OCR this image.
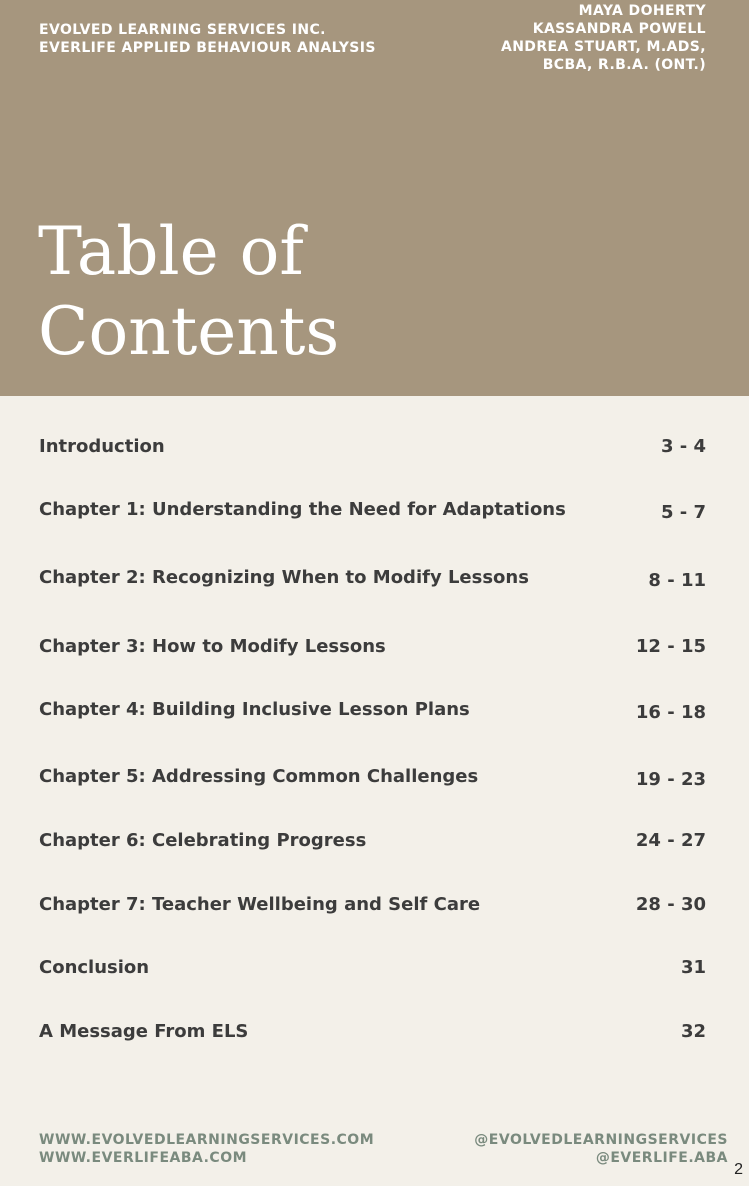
EVOLVED LEARNING SERVICES INC.
EVERLIFE APPLIED BEHAVIOUR ANALYSIS
MAYA DOHERTY
KASSANDRA POWELL
ANDREA STUART, M.ADS,
BCBA, R.B.A. (ONT.)
Table of
Contents
Introduction	3 - 4
Chapter 1: Understanding the Need for Adaptations	5 - 7
Chapter 2: Recognizing When to Modify Lessons	8 - 11
Chapter 3: How to Modify Lessons	12 - 15
Chapter 4: Building Inclusive Lesson Plans	16 - 18
Chapter 5: Addressing Common Challenges	19 - 23
Chapter 6: Celebrating Progress	24 - 27
Chapter 7: Teacher Wellbeing and Self Care	28 - 30
Conclusion	31
A Message From ELS	32
WWW.EVOLVEDLEARNINGSERVICES.COM
WWW.EVERLIFEABA.COM
@EVOLVEDLEARNINGSERVICES
@EVERLIFE.ABA
2
